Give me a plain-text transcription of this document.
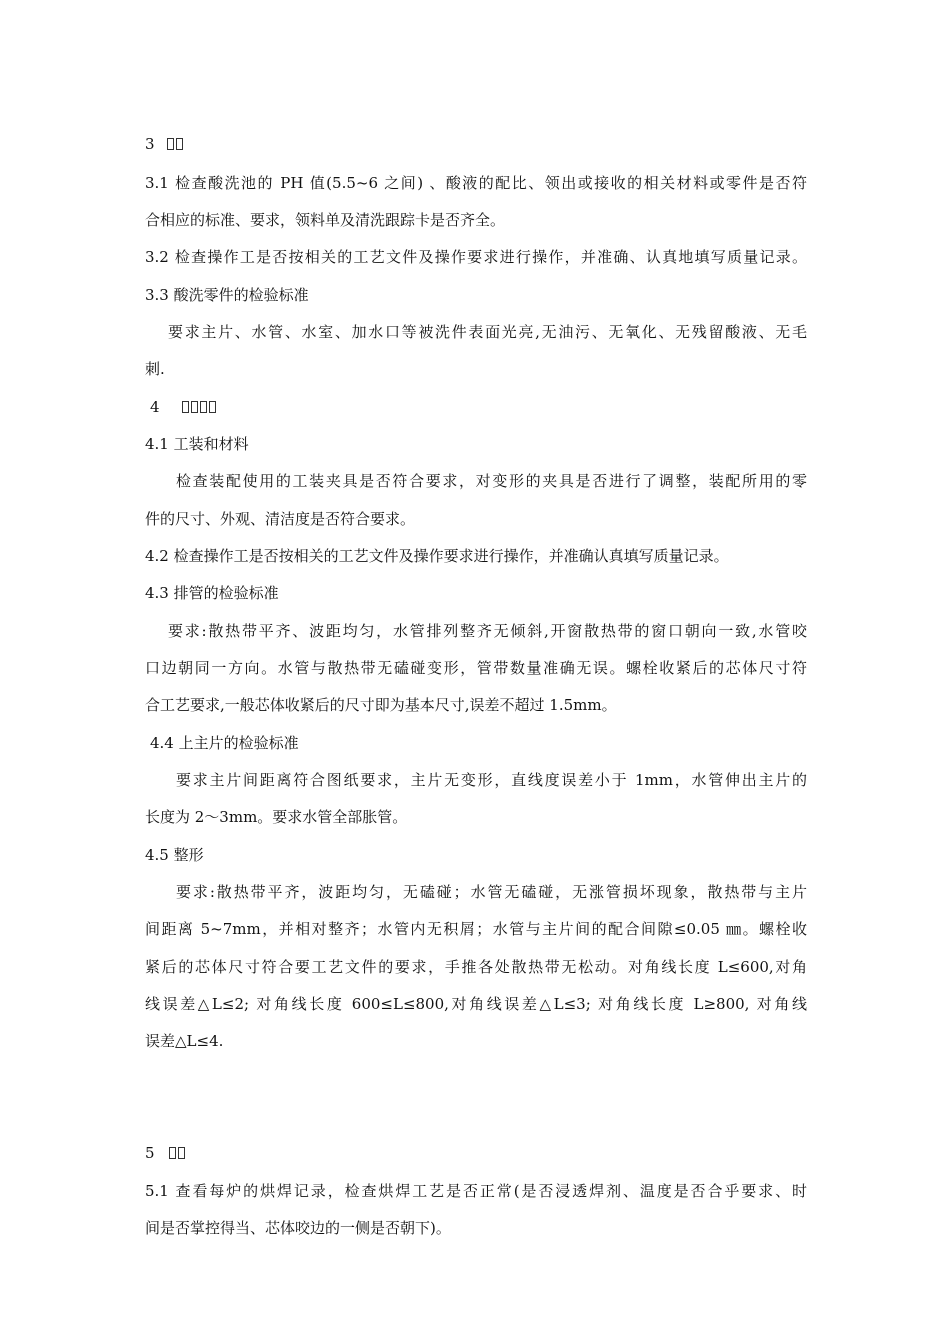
3
3.1 检查酸洗池的 PH 值(5.5~6 之间) 、酸液的配比、领出或接收的相关材料或零件是否符
合相应的标准、要求，领料单及清洗跟踪卡是否齐全。
3.2 检查操作工是否按相关的工艺文件及操作要求进行操作，并准确、认真地填写质量记录。
3.3 酸洗零件的检验标准
要求主片、水管、水室、加水口等被洗件表面光亮,无油污、无氧化、无残留酸液、无毛
刺.
4
4.1 工装和材料
检查装配使用的工装夹具是否符合要求，对变形的夹具是否进行了调整，装配所用的零
件的尺寸、外观、清洁度是否符合要求。
4.2 检查操作工是否按相关的工艺文件及操作要求进行操作，并准确认真填写质量记录。
4.3 排管的检验标准
要求:散热带平齐、波距均匀，水管排列整齐无倾斜,开窗散热带的窗口朝向一致,水管咬
口边朝同一方向。水管与散热带无磕碰变形，管带数量准确无误。螺栓收紧后的芯体尺寸符
合工艺要求,一般芯体收紧后的尺寸即为基本尺寸,误差不超过 1.5mm。
4.4 上主片的检验标准
要求主片间距离符合图纸要求，主片无变形，直线度误差小于 1mm，水管伸出主片的
长度为 2～3mm。要求水管全部胀管。
4.5 整形
要求:散热带平齐，波距均匀，无磕碰；水管无磕碰，无涨管损坏现象，散热带与主片
间距离 5~7mm，并相对整齐；水管内无积屑；水管与主片间的配合间隙≤0.05 ㎜。螺栓收
紧后的芯体尺寸符合要工艺文件的要求，手推各处散热带无松动。对角线长度 L≤600,对角
线误差△L≤2; 对角线长度 600≤L≤800,对角线误差△L≤3; 对角线长度 L≥800, 对角线
误差△L≤4.
5
5.1 查看每炉的烘焊记录，检查烘焊工艺是否正常(是否浸透焊剂、温度是否合乎要求、时
间是否掌控得当、芯体咬边的一侧是否朝下)。
